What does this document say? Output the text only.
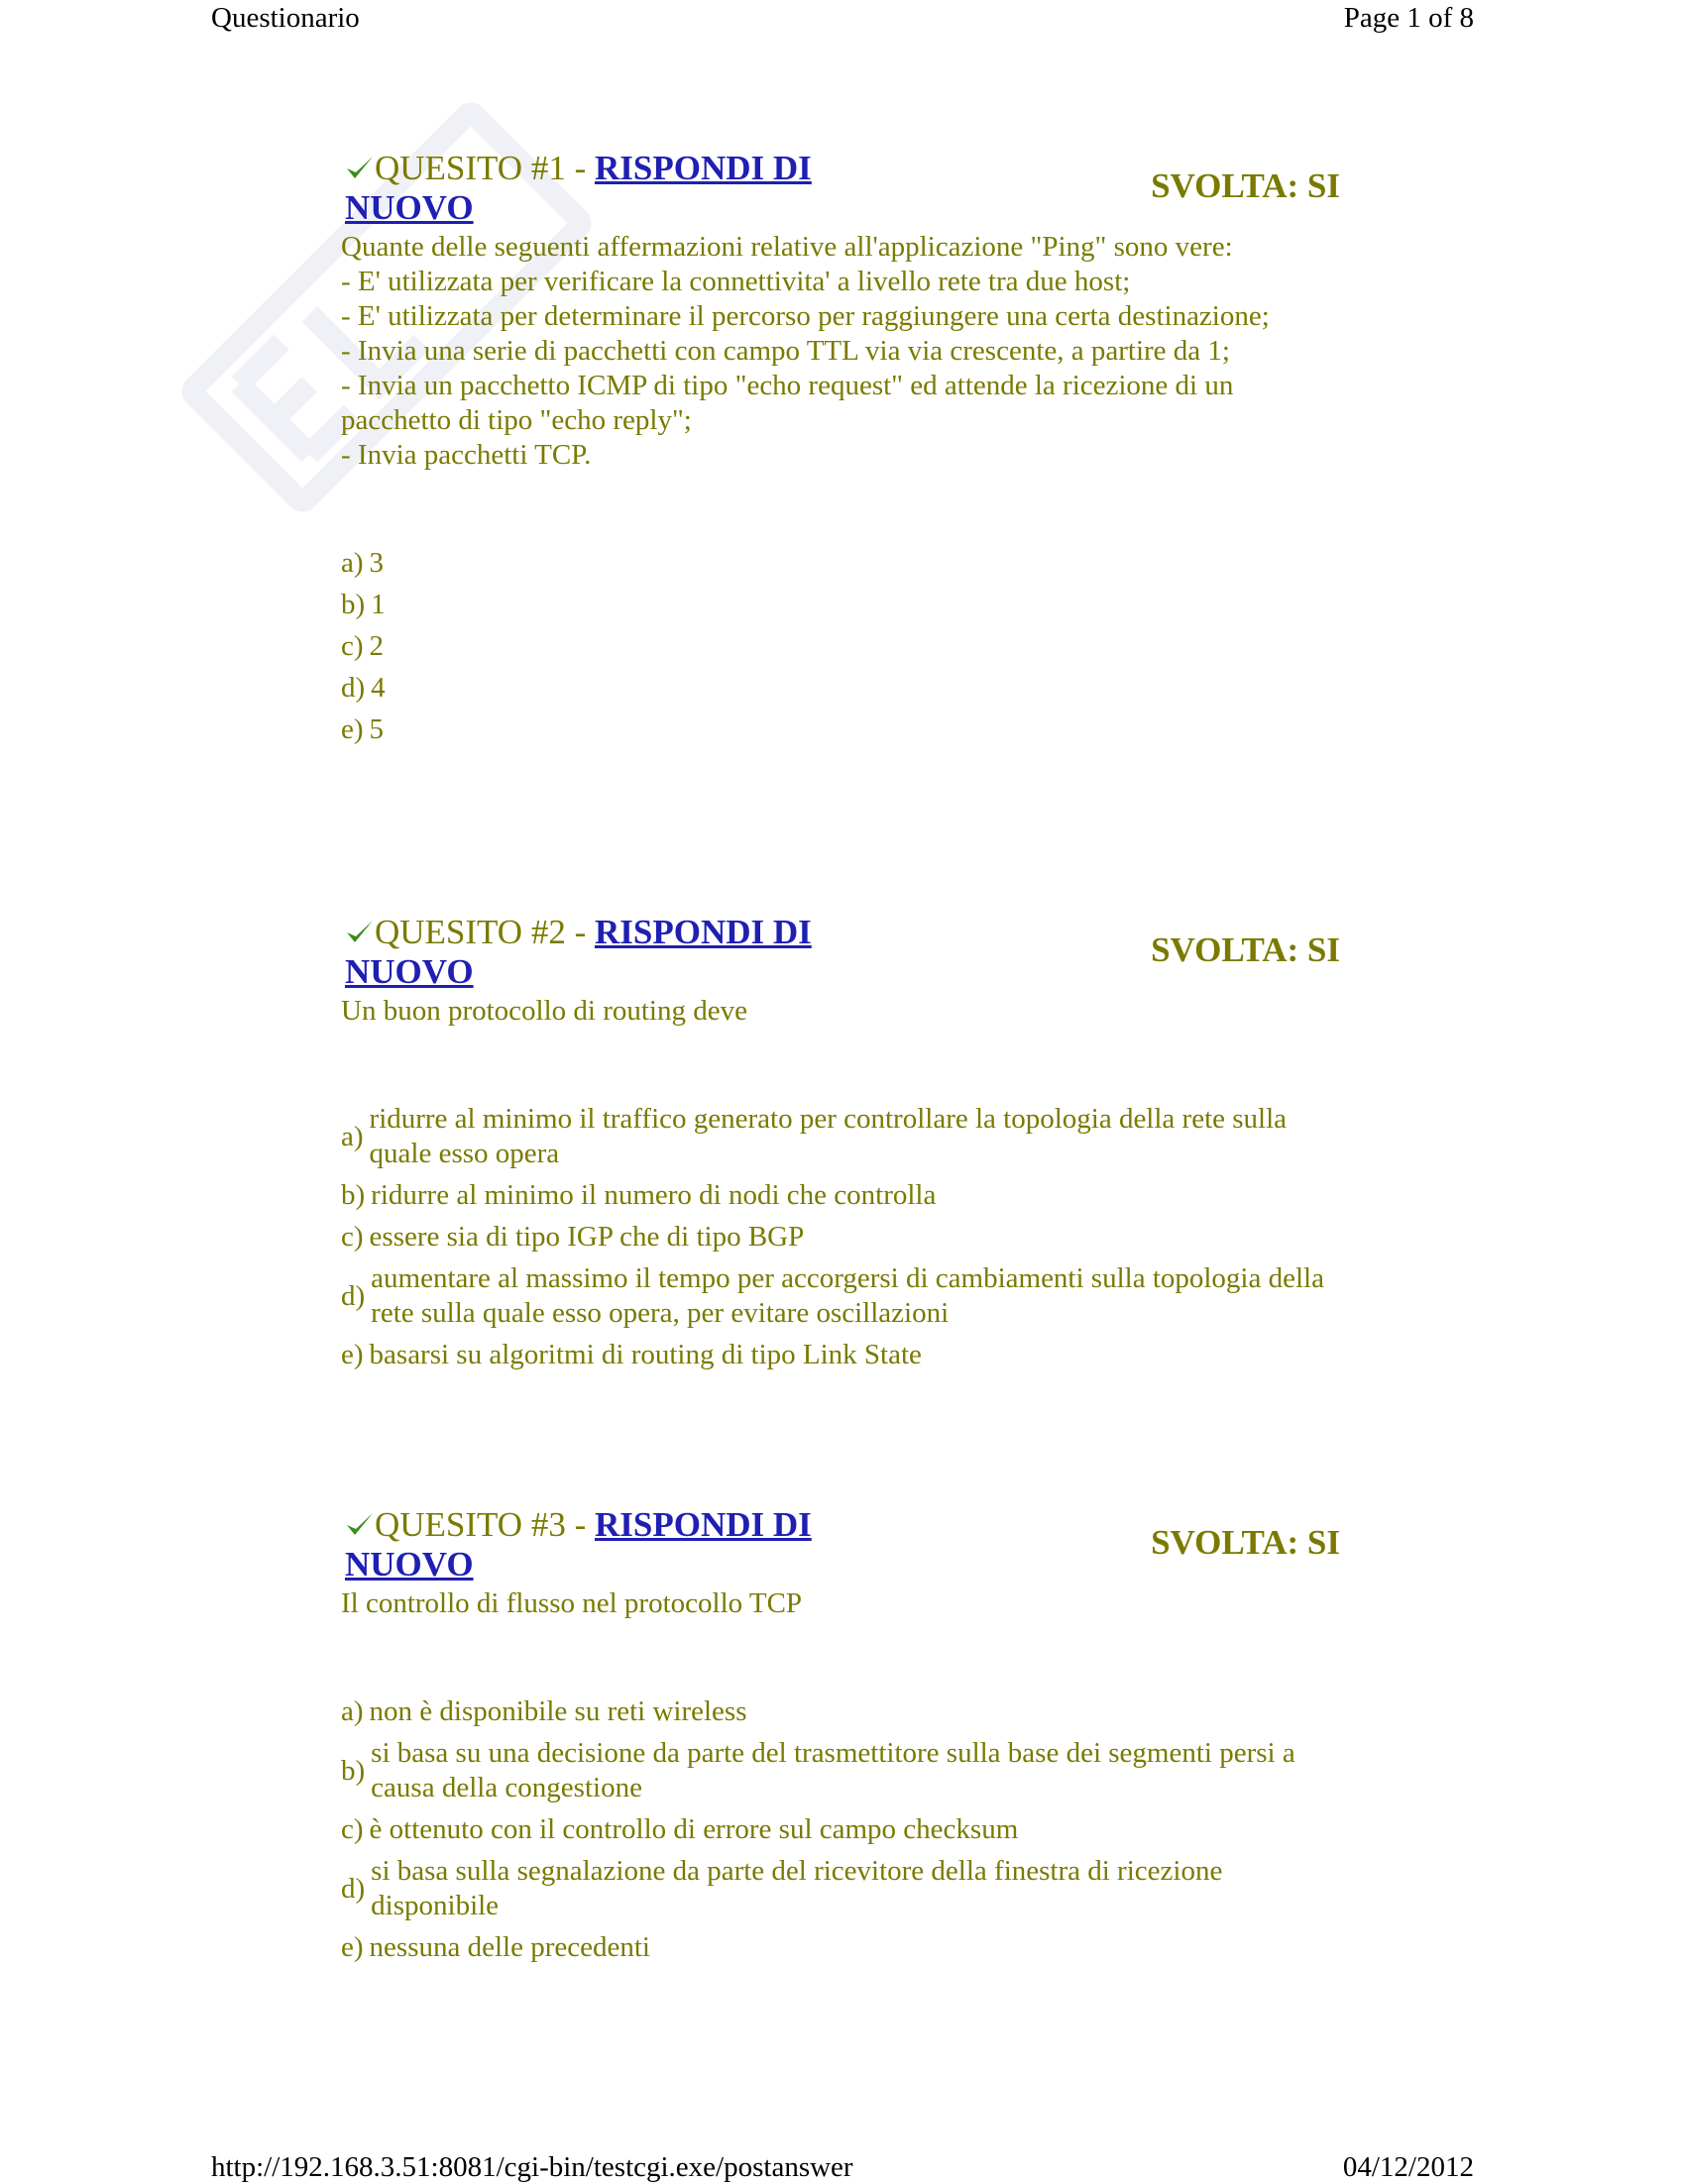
Questionario	Page 1 of 8
QUESITO #1 - RISPONDI DI NUOVO
SVOLTA: SI
Quante delle seguenti affermazioni relative all'applicazione "Ping" sono vere:
- E' utilizzata per verificare la connettivita' a livello rete tra due host;
- E' utilizzata per determinare il percorso per raggiungere una certa destinazione;
- Invia una serie di pacchetti con campo TTL via via crescente, a partire da 1;
- Invia un pacchetto ICMP di tipo "echo request" ed attende la ricezione di un pacchetto di tipo "echo reply";
- Invia pacchetti TCP.
a) 3
b) 1
c) 2
d) 4
e) 5
QUESITO #2 - RISPONDI DI NUOVO
SVOLTA: SI
Un buon protocollo di routing deve
a)
ridurre al minimo il traffico generato per controllare la topologia della rete sulla quale esso opera
b) ridurre al minimo il numero di nodi che controlla
c) essere sia di tipo IGP che di tipo BGP
d)
aumentare al massimo il tempo per accorgersi di cambiamenti sulla topologia della rete sulla quale esso opera, per evitare oscillazioni
e) basarsi su algoritmi di routing di tipo Link State
QUESITO #3 - RISPONDI DI NUOVO
SVOLTA: SI
Il controllo di flusso nel protocollo TCP
a) non è disponibile su reti wireless
b)
si basa su una decisione da parte del trasmettitore sulla base dei segmenti persi a causa della congestione
c) è ottenuto con il controllo di errore sul campo checksum
d)
si basa sulla segnalazione da parte del ricevitore della finestra di ricezione disponibile
e) nessuna delle precedenti
http://192.168.3.51:8081/cgi-bin/testcgi.exe/postanswer	04/12/2012
